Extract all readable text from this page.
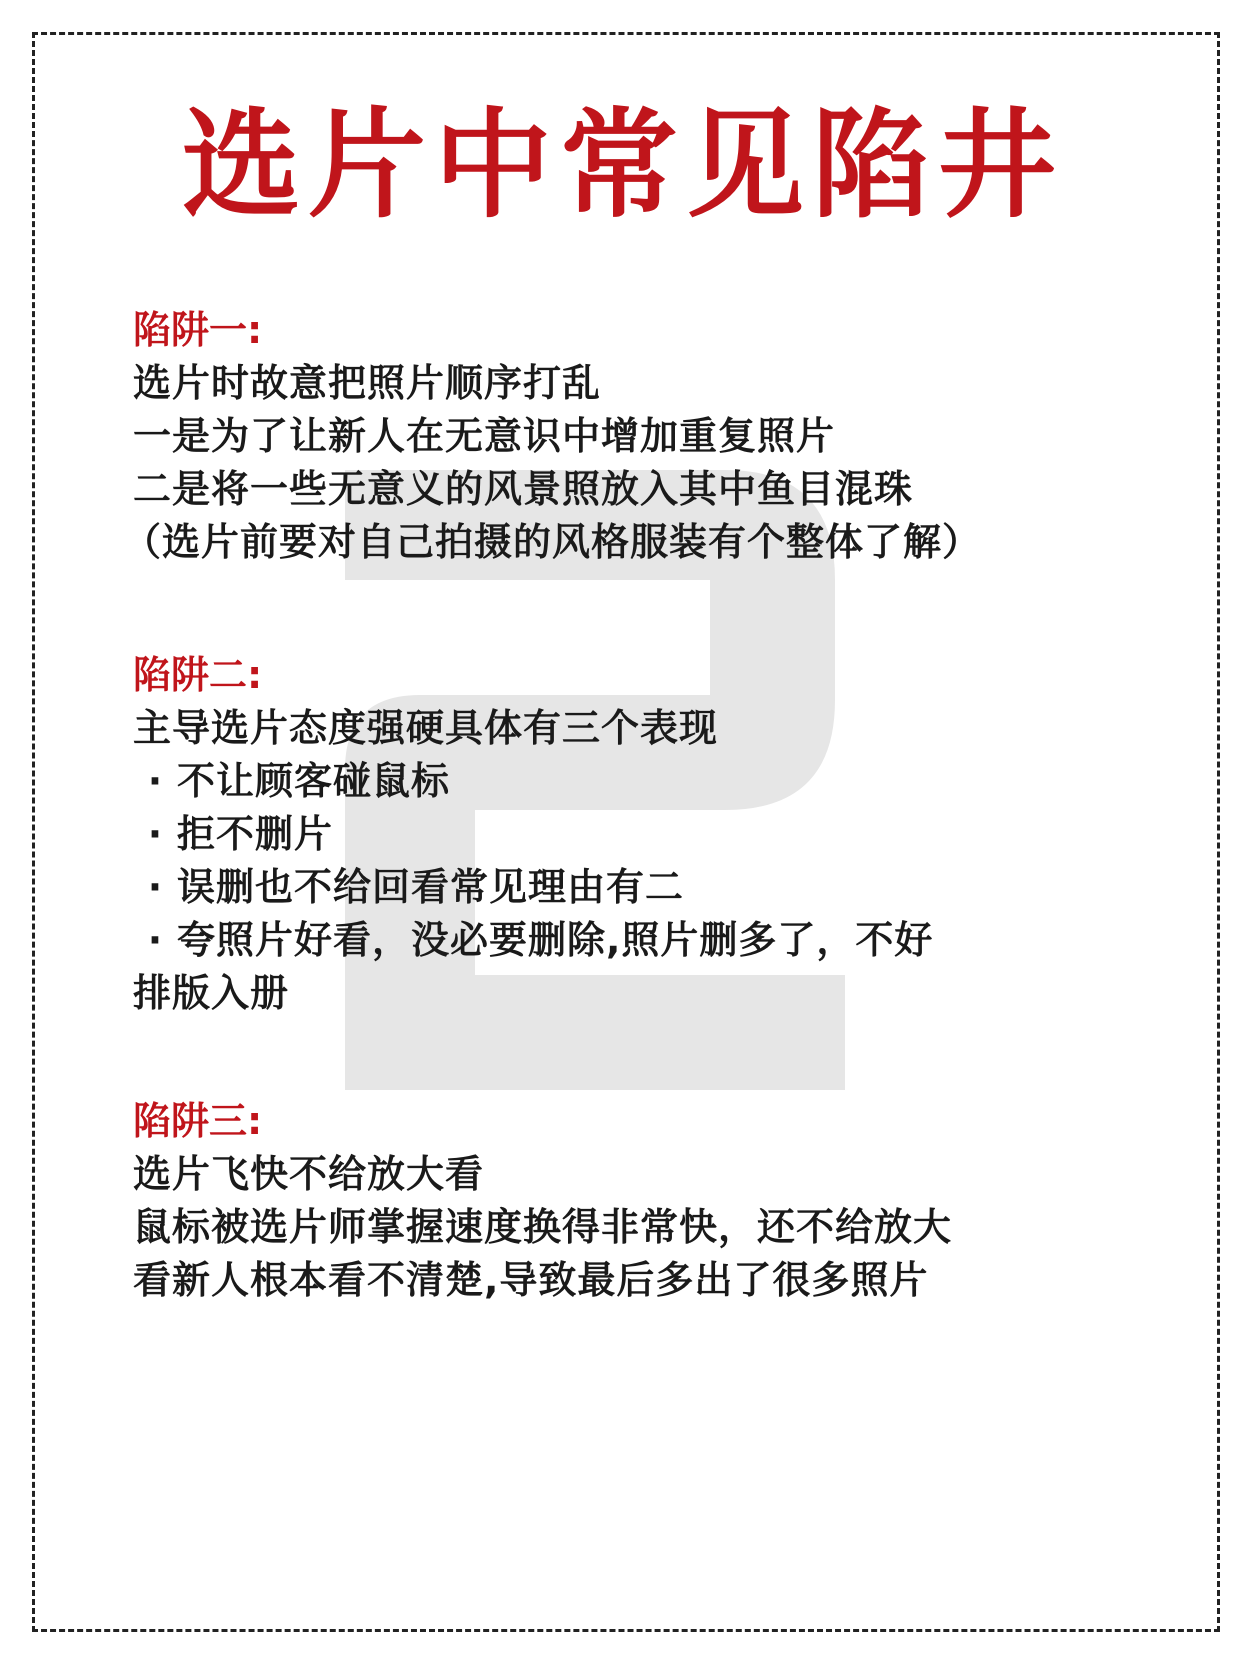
选片中常见陷井
陷阱一:
选片时故意把照片顺序打乱
一是为了让新人在无意识中增加重复照片
二是将一些无意义的风景照放入其中鱼目混珠
（选片前要对自己拍摄的风格服装有个整体了解）
陷阱二:
主导选片态度强硬具体有三个表现
· 不让顾客碰鼠标
· 拒不删片
· 误删也不给回看常见理由有二
· 夸照片好看，没必要删除,照片删多了，不好
排版入册
陷阱三:
选片飞快不给放大看
鼠标被选片师掌握速度换得非常快，还不给放大
看新人根本看不清楚,导致最后多出了很多照片
